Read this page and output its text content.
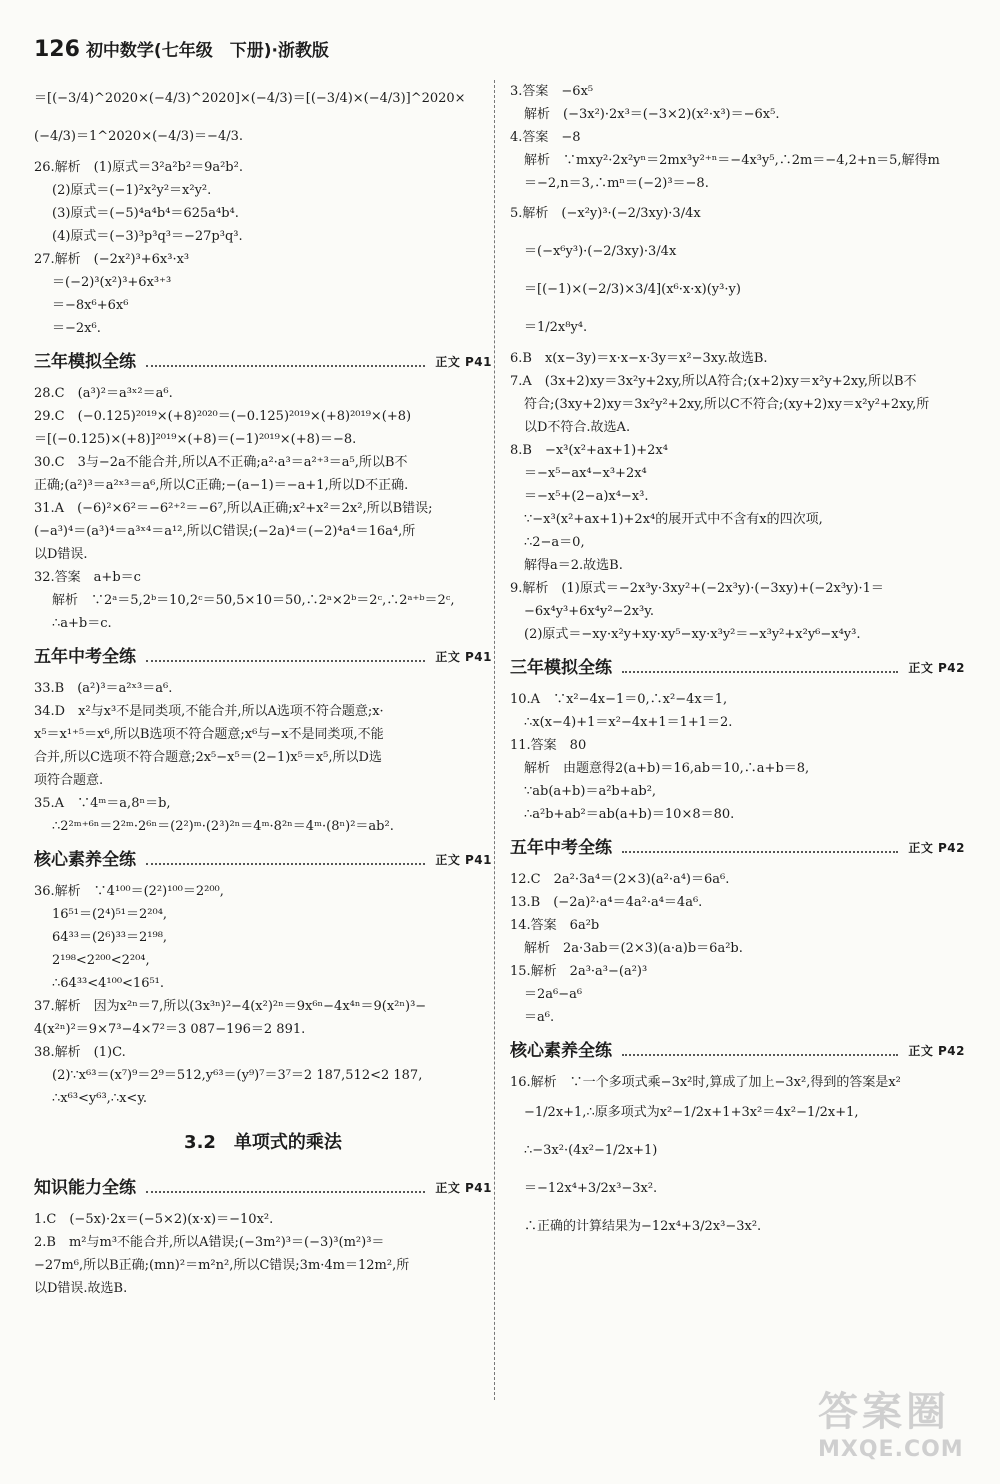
126 初中数学(七年级　下册)·浙教版
＝[(−3/4)^2020×(−4/3)^2020]×(−4/3)＝[(−3/4)×(−4/3)]^2020×
(−4/3)＝1^2020×(−4/3)＝−4/3.
26.解析　(1)原式＝3²a²b²＝9a²b².
(2)原式＝(−1)²x²y²＝x²y².
(3)原式＝(−5)⁴a⁴b⁴＝625a⁴b⁴.
(4)原式＝(−3)³p³q³＝−27p³q³.
27.解析　(−2x²)³+6x³·x³
＝(−2)³(x²)³+6x³⁺³
＝−8x⁶+6x⁶
＝−2x⁶.
三年模拟全练	正文 P41
28.C　(a³)²＝a³ˣ²＝a⁶.
29.C　(−0.125)²⁰¹⁹×(+8)²⁰²⁰＝(−0.125)²⁰¹⁹×(+8)²⁰¹⁹×(+8)
＝[(−0.125)×(+8)]²⁰¹⁹×(+8)＝(−1)²⁰¹⁹×(+8)＝−8.
30.C　3与−2a不能合并,所以A不正确;a²·a³＝a²⁺³＝a⁵,所以B不
正确;(a²)³＝a²ˣ³＝a⁶,所以C正确;−(a−1)＝−a+1,所以D不正确.
31.A　(−6)²×6²＝−6²⁺²＝−6⁷,所以A正确;x²+x²＝2x²,所以B错误;
(−a³)⁴＝(a³)⁴＝a³ˣ⁴＝a¹²,所以C错误;(−2a)⁴＝(−2)⁴a⁴＝16a⁴,所
以D错误.
32.答案　a+b＝c
解析　∵2ᵃ＝5,2ᵇ＝10,2ᶜ＝50,5×10＝50,∴2ᵃ×2ᵇ＝2ᶜ,∴2ᵃ⁺ᵇ＝2ᶜ,
∴a+b＝c.
五年中考全练	正文 P41
33.B　(a²)³＝a²ˣ³＝a⁶.
34.D　x²与x³不是同类项,不能合并,所以A选项不符合题意;x·
x⁵＝x¹⁺⁵＝x⁶,所以B选项不符合题意;x⁶与−x不是同类项,不能
合并,所以C选项不符合题意;2x⁵−x⁵＝(2−1)x⁵＝x⁵,所以D选
项符合题意.
35.A　∵4ᵐ＝a,8ⁿ＝b,
∴2²ᵐ⁺⁶ⁿ＝2²ᵐ·2⁶ⁿ＝(2²)ᵐ·(2³)²ⁿ＝4ᵐ·8²ⁿ＝4ᵐ·(8ⁿ)²＝ab².
核心素养全练	正文 P41
36.解析　∵4¹⁰⁰＝(2²)¹⁰⁰＝2²⁰⁰,
16⁵¹＝(2⁴)⁵¹＝2²⁰⁴,
64³³＝(2⁶)³³＝2¹⁹⁸,
2¹⁹⁸<2²⁰⁰<2²⁰⁴,
∴64³³<4¹⁰⁰<16⁵¹.
37.解析　因为x²ⁿ＝7,所以(3x³ⁿ)²−4(x²)²ⁿ＝9x⁶ⁿ−4x⁴ⁿ＝9(x²ⁿ)³−
4(x²ⁿ)²＝9×7³−4×7²＝3 087−196＝2 891.
38.解析　(1)C.
(2)∵x⁶³＝(x⁷)⁹＝2⁹＝512,y⁶³＝(y⁹)⁷＝3⁷＝2 187,512<2 187,
∴x⁶³<y⁶³,∴x<y.
3.2　单项式的乘法
知识能力全练	正文 P41
1.C　(−5x)·2x＝(−5×2)(x·x)＝−10x².
2.B　m²与m³不能合并,所以A错误;(−3m²)³＝(−3)³(m²)³＝
−27m⁶,所以B正确;(mn)²＝m²n²,所以C错误;3m·4m＝12m²,所
以D错误.故选B.
3.答案　−6x⁵
解析　(−3x²)·2x³＝(−3×2)(x²·x³)＝−6x⁵.
4.答案　−8
解析　∵mxy²·2x²yⁿ＝2mx³y²⁺ⁿ＝−4x³y⁵,∴2m＝−4,2+n＝5,解得m
＝−2,n＝3,∴mⁿ＝(−2)³＝−8.
5.解析　(−x²y)³·(−2/3xy)·3/4x
＝(−x⁶y³)·(−2/3xy)·3/4x
＝[(−1)×(−2/3)×3/4](x⁶·x·x)(y³·y)
＝1/2x⁸y⁴.
6.B　x(x−3y)＝x·x−x·3y＝x²−3xy.故选B.
7.A　(3x+2)xy＝3x²y+2xy,所以A符合;(x+2)xy＝x²y+2xy,所以B不
符合;(3xy+2)xy＝3x²y²+2xy,所以C不符合;(xy+2)xy＝x²y²+2xy,所
以D不符合.故选A.
8.B　−x³(x²+ax+1)+2x⁴
＝−x⁵−ax⁴−x³+2x⁴
＝−x⁵+(2−a)x⁴−x³.
∵−x³(x²+ax+1)+2x⁴的展开式中不含有x的四次项,
∴2−a＝0,
解得a＝2.故选B.
9.解析　(1)原式＝−2x³y·3xy²+(−2x³y)·(−3xy)+(−2x³y)·1＝
−6x⁴y³+6x⁴y²−2x³y.
(2)原式＝−xy·x²y+xy·xy⁵−xy·x³y²＝−x³y²+x²y⁶−x⁴y³.
三年模拟全练	正文 P42
10.A　∵x²−4x−1＝0,∴x²−4x＝1,
∴x(x−4)+1＝x²−4x+1＝1+1＝2.
11.答案　80
解析　由题意得2(a+b)＝16,ab＝10,∴a+b＝8,
∵ab(a+b)＝a²b+ab²,
∴a²b+ab²＝ab(a+b)＝10×8＝80.
五年中考全练	正文 P42
12.C　2a²·3a⁴＝(2×3)(a²·a⁴)＝6a⁶.
13.B　(−2a)²·a⁴＝4a²·a⁴＝4a⁶.
14.答案　6a²b
解析　2a·3ab＝(2×3)(a·a)b＝6a²b.
15.解析　2a³·a³−(a²)³
＝2a⁶−a⁶
＝a⁶.
核心素养全练	正文 P42
16.解析　∵一个多项式乘−3x²时,算成了加上−3x²,得到的答案是x²
−1/2x+1,∴原多项式为x²−1/2x+1+3x²＝4x²−1/2x+1,
∴−3x²·(4x²−1/2x+1)
＝−12x⁴+3/2x³−3x².
∴正确的计算结果为−12x⁴+3/2x³−3x².
答案圈
MXQE.COM
